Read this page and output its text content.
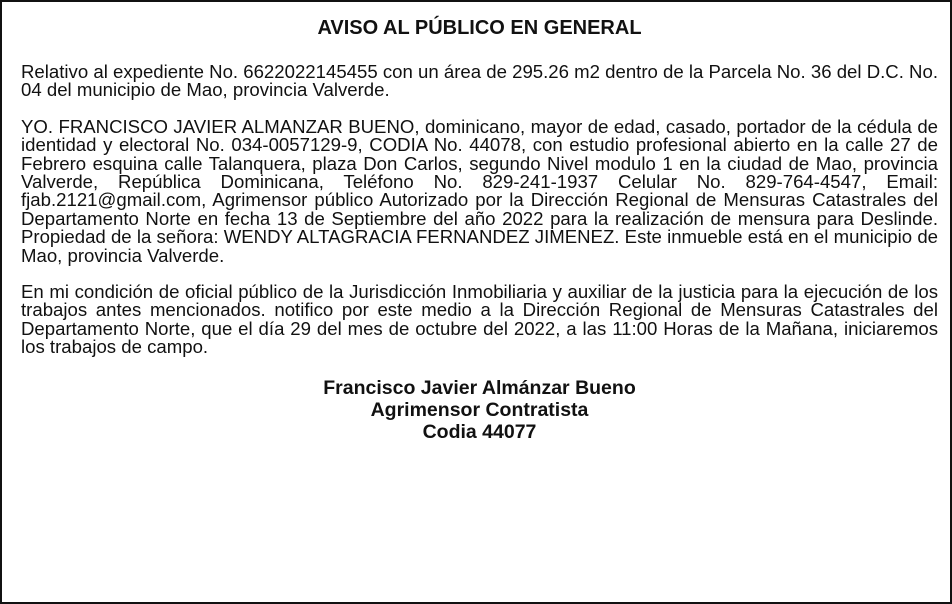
AVISO AL PÚBLICO EN GENERAL

Relativo al expediente No. 6622022145455 con un área de 295.26 m2 dentro de la Parcela No. 36 del D.C. No. 04 del municipio de Mao, provincia Valverde.

YO. FRANCISCO JAVIER ALMANZAR BUENO, dominicano, mayor de edad, casado, portador de la cédula de identidad y electoral No. 034-0057129-9, CODIA No. 44078, con estudio profesional abierto en la calle 27 de Febrero esquina calle Talanquera, plaza Don Carlos, segundo Nivel modulo 1 en la ciudad de Mao, provincia Valverde, República Dominicana, Teléfono No. 829-241-1937 Celular No. 829-764-4547, Email: fjab.2121@gmail.com, Agrimensor público Autorizado por la Dirección Regional de Mensuras Catastrales del Departamento Norte en fecha 13 de Septiembre del año 2022 para la realización de mensura para Deslinde. Propiedad de la señora: WENDY ALTAGRACIA FERNANDEZ JIMENEZ. Este inmueble está en el municipio de Mao, provincia Valverde.

En mi condición de oficial público de la Jurisdicción Inmobiliaria y auxiliar de la justicia para la ejecución de los trabajos antes mencionados. notifico por este medio a la Dirección Regional de Mensuras Catastrales del Departamento Norte, que el día 29 del mes de octubre del 2022, a las 11:00 Horas de la Mañana, iniciaremos los trabajos de campo.

Francisco Javier Almánzar Bueno
Agrimensor Contratista
Codia 44077
